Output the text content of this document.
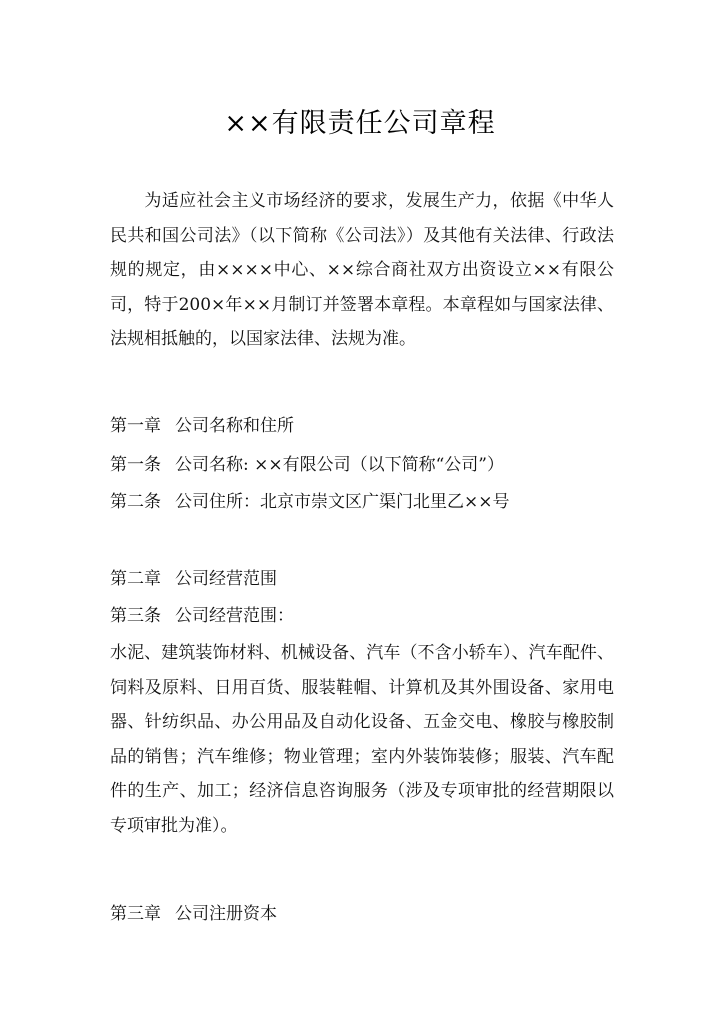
××有限责任公司章程
为适应社会主义市场经济的要求，发展生产力，依据《中华人民共和国公司法》（以下简称《公司法》）及其他有关法律、行政法规的规定，由××××中心、××综合商社双方出资设立××有限公司，特于200×年××月制订并签署本章程。本章程如与国家法律、法规相抵触的，以国家法律、法规为准。
第一章 公司名称和住所
第一条 公司名称: ××有限公司（以下简称“公司”）
第二条 公司住所：北京市崇文区广渠门北里乙××号
第二章 公司经营范围
第三条 公司经营范围：
水泥、建筑装饰材料、机械设备、汽车（不含小轿车）、汽车配件、饲料及原料、日用百货、服装鞋帽、计算机及其外围设备、家用电器、针纺织品、办公用品及自动化设备、五金交电、橡胶与橡胶制品的销售；汽车维修；物业管理；室内外装饰装修；服装、汽车配件的生产、加工；经济信息咨询服务（涉及专项审批的经营期限以专项审批为准）。
第三章 公司注册资本
